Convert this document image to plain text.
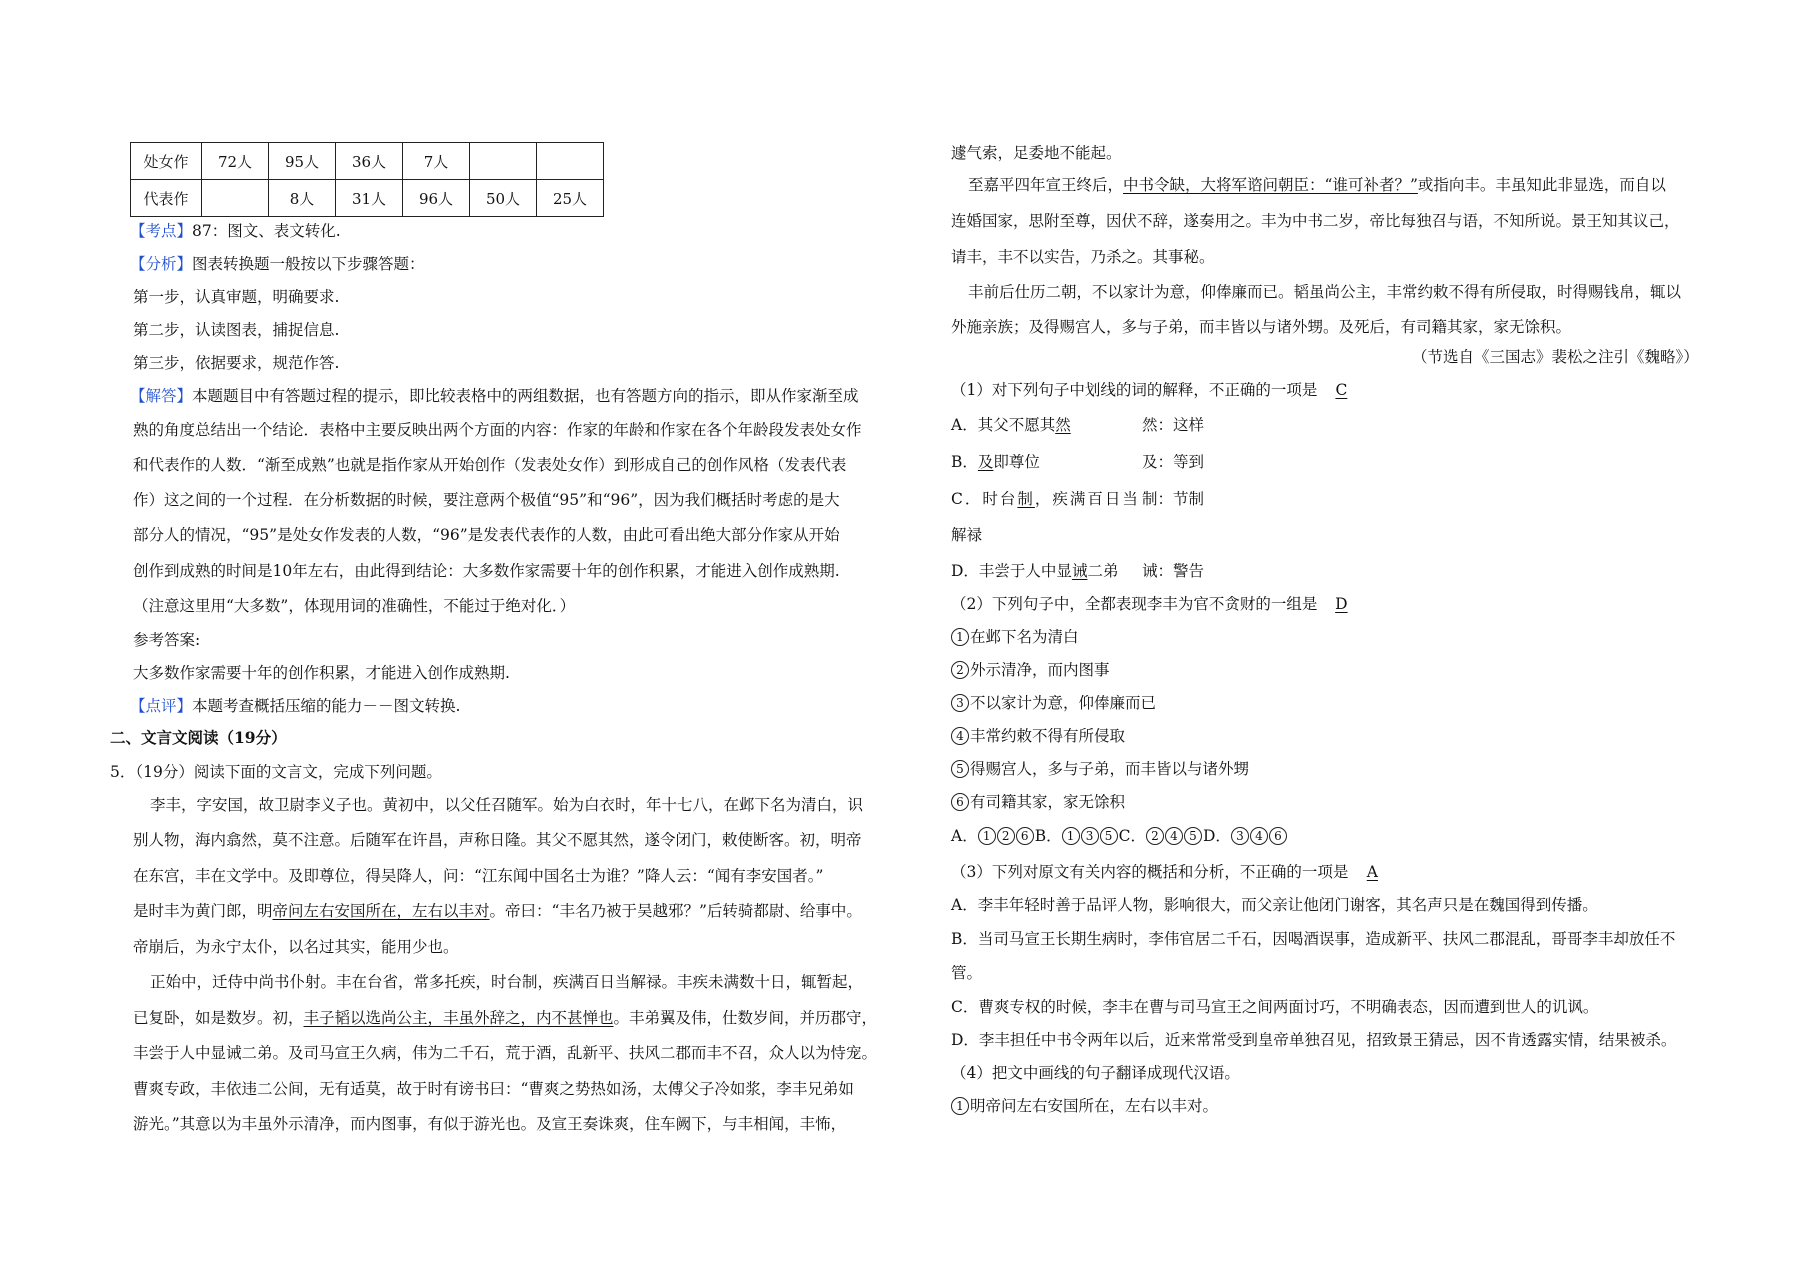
处女作	72人	95人	36人	7人		
代表作		8人	31人	96人	50人	25人
【考点】87：图文、表文转化.
【分析】图表转换题一般按以下步骤答题：
第一步，认真审题，明确要求.
第二步，认读图表，捕捉信息.
第三步，依据要求，规范作答.
【解答】本题题目中有答题过程的提示，即比较表格中的两组数据，也有答题方向的指示，即从作家渐至成
熟的角度总结出一个结论．表格中主要反映出两个方面的内容：作家的年龄和作家在各个年龄段发表处女作
和代表作的人数．“渐至成熟”也就是指作家从开始创作（发表处女作）到形成自己的创作风格（发表代表
作）这之间的一个过程．在分析数据的时候，要注意两个极值“95”和“96”，因为我们概括时考虑的是大
部分人的情况，“95”是处女作发表的人数，“96”是发表代表作的人数，由此可看出绝大部分作家从开始
创作到成熟的时间是10年左右，由此得到结论：大多数作家需要十年的创作积累，才能进入创作成熟期.
（注意这里用“大多数”，体现用词的准确性，不能过于绝对化．）
参考答案:
大多数作家需要十年的创作积累，才能进入创作成熟期.
【点评】本题考查概括压缩的能力－－图文转换.
二、文言文阅读（19分）
5．（19分）阅读下面的文言文，完成下列问题。
李丰，字安国，故卫尉李义子也。黄初中，以父任召随军。始为白衣时，年十七八，在邺下名为清白，识
别人物，海内翕然，莫不注意。后随军在许昌，声称日隆。其父不愿其然，遂令闭门，敕使断客。初，明帝
在东宫，丰在文学中。及即尊位，得吴降人，问：“江东闻中国名士为谁？”降人云：“闻有李安国者。”
是时丰为黄门郎，明帝问左右安国所在，左右以丰对。帝曰：“丰名乃被于吴越邪？”后转骑都尉、给事中。
帝崩后，为永宁太仆，以名过其实，能用少也。
正始中，迁侍中尚书仆射。丰在台省，常多托疾，时台制，疾满百日当解禄。丰疾未满数十日，辄暂起，
已复卧，如是数岁。初，丰子韬以选尚公主，丰虽外辞之，内不甚惮也。丰弟翼及伟，仕数岁间，并历郡守，
丰尝于人中显诫二弟。及司马宣王久病，伟为二千石，荒于酒，乱新平、扶风二郡而丰不召，众人以为恃宠。
曹爽专政，丰依违二公间，无有适莫，故于时有谤书曰：“曹爽之势热如汤，太傅父子冷如浆，李丰兄弟如
游光。”其意以为丰虽外示清净，而内图事，有似于游光也。及宣王奏诛爽，住车阙下，与丰相闻，丰怖，
遽气索，足委地不能起。
至嘉平四年宣王终后，中书令缺，大将军谘问朝臣：“谁可补者？”或指向丰。丰虽知此非显选，而自以
连婚国家，思附至尊，因伏不辞，遂奏用之。丰为中书二岁，帝比每独召与语，不知所说。景王知其议己，
请丰，丰不以实告，乃杀之。其事秘。
丰前后仕历二朝，不以家计为意，仰俸廉而已。韬虽尚公主，丰常约敕不得有所侵取，时得赐钱帛，辄以
外施亲族；及得赐宫人，多与子弟，而丰皆以与诸外甥。及死后，有司籍其家，家无馀积。
（节选自《三国志》裴松之注引《魏略》）
（1）对下列句子中划线的词的解释，不正确的一项是 C
A．其父不愿其然	然：这样
B．及即尊位	及：等到
C．时台制，疾满百日当 制：节制
解禄
D．丰尝于人中显诫二弟 诫：警告
（2）下列句子中，全都表现李丰为官不贪财的一组是 D
1 在邺下名为清白
2 外示清净，而内图事
3 不以家计为意，仰俸廉而已
4 丰常约敕不得有所侵取
5 得赐宫人，多与子弟，而丰皆以与诸外甥
6 有司籍其家，家无馀积
A． 1 2 6 B． 1 3 5 C． 2 4 5 D． 3 4 6
（3）下列对原文有关内容的概括和分析，不正确的一项是 A
A．李丰年轻时善于品评人物，影响很大，而父亲让他闭门谢客，其名声只是在魏国得到传播。
B．当司马宣王长期生病时，李伟官居二千石，因喝酒误事，造成新平、扶风二郡混乱，哥哥李丰却放任不
管。
C．曹爽专权的时候，李丰在曹与司马宣王之间两面讨巧，不明确表态，因而遭到世人的讥讽。
D．李丰担任中书令两年以后，近来常常受到皇帝单独召见，招致景王猜忌，因不肯透露实情，结果被杀。
（4）把文中画线的句子翻译成现代汉语。
1 明帝问左右安国所在，左右以丰对。
